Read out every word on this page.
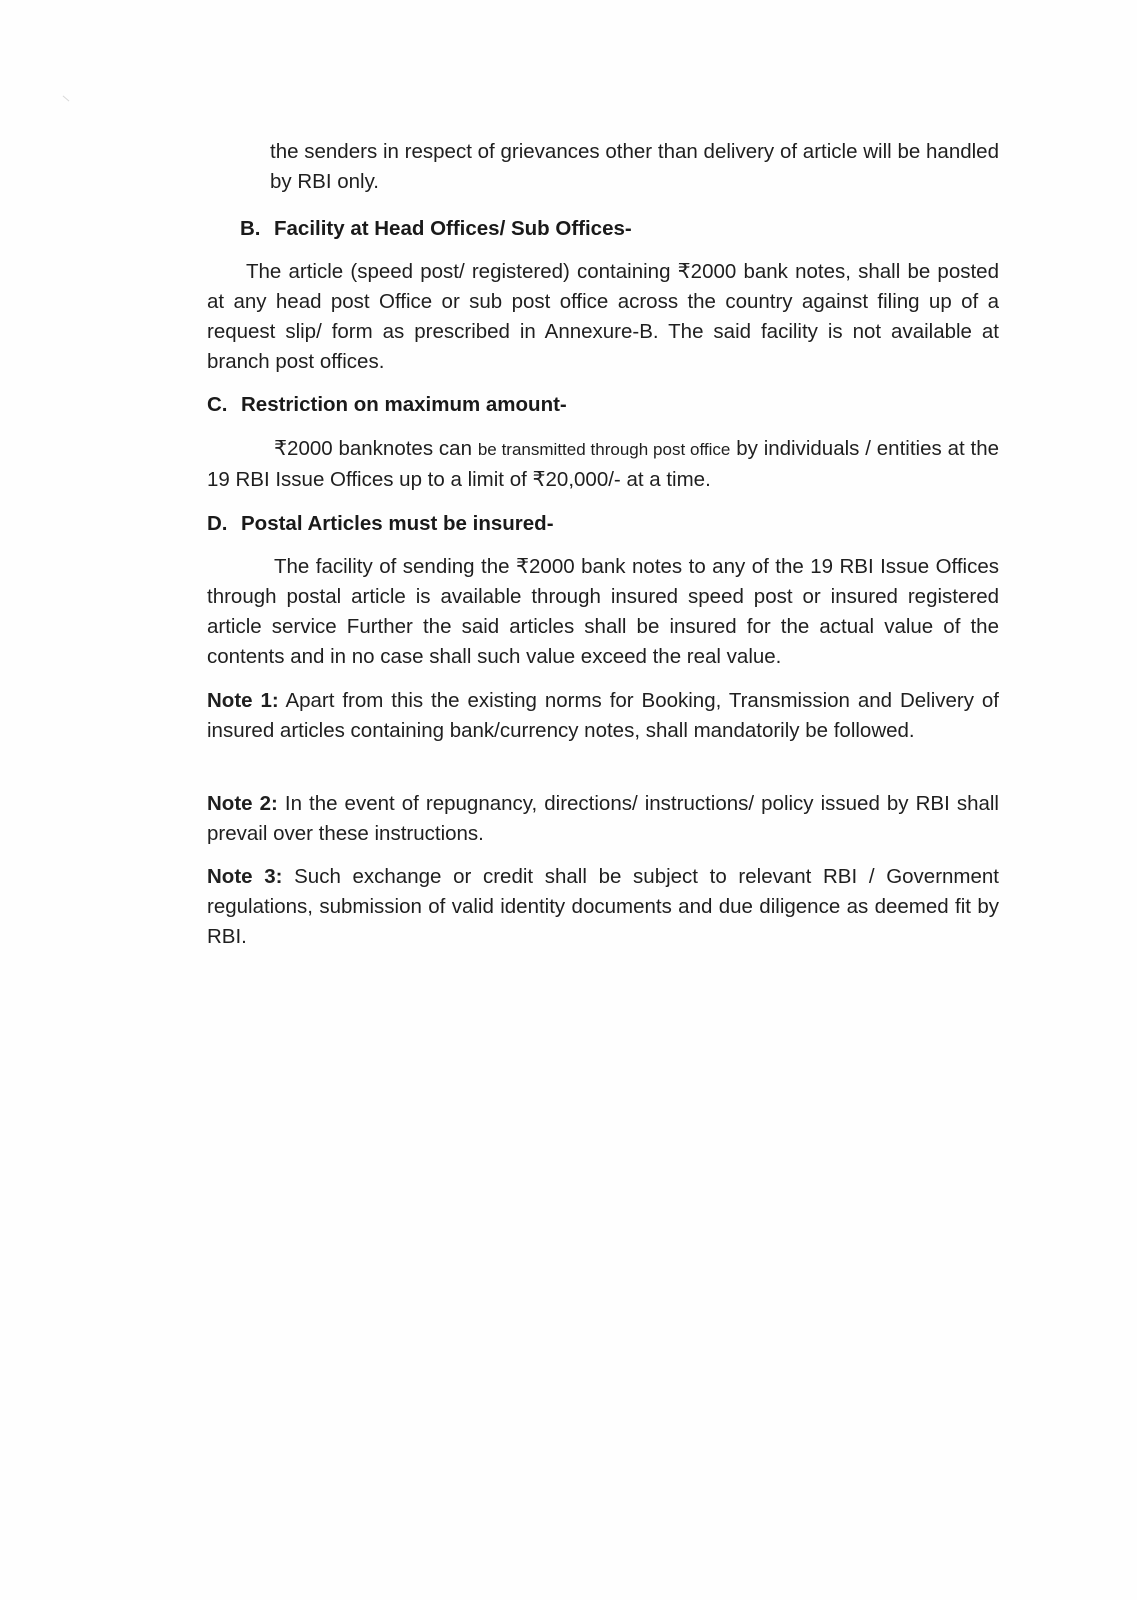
the senders in respect of grievances other than delivery of article will be handled by RBI only.

B. Facility at Head Offices/ Sub Offices-

The article (speed post/ registered) containing ₹2000 bank notes, shall be posted at any head post Office or sub post office across the country against filing up of a request slip/ form as prescribed in Annexure-B. The said facility is not available at branch post offices.

C. Restriction on maximum amount-

₹2000 banknotes can be transmitted through post office by individuals / entities at the 19 RBI Issue Offices up to a limit of ₹20,000/- at a time.

D. Postal Articles must be insured-

The facility of sending the ₹2000 bank notes to any of the 19 RBI Issue Offices through postal article is available through insured speed post or insured registered article service Further the said articles shall be insured for the actual value of the contents and in no case shall such value exceed the real value.

Note 1: Apart from this the existing norms for Booking, Transmission and Delivery of insured articles containing bank/currency notes, shall mandatorily be followed.

Note 2: In the event of repugnancy, directions/ instructions/ policy issued by RBI shall prevail over these instructions.

Note 3: Such exchange or credit shall be subject to relevant RBI / Government regulations, submission of valid identity documents and due diligence as deemed fit by RBI.
